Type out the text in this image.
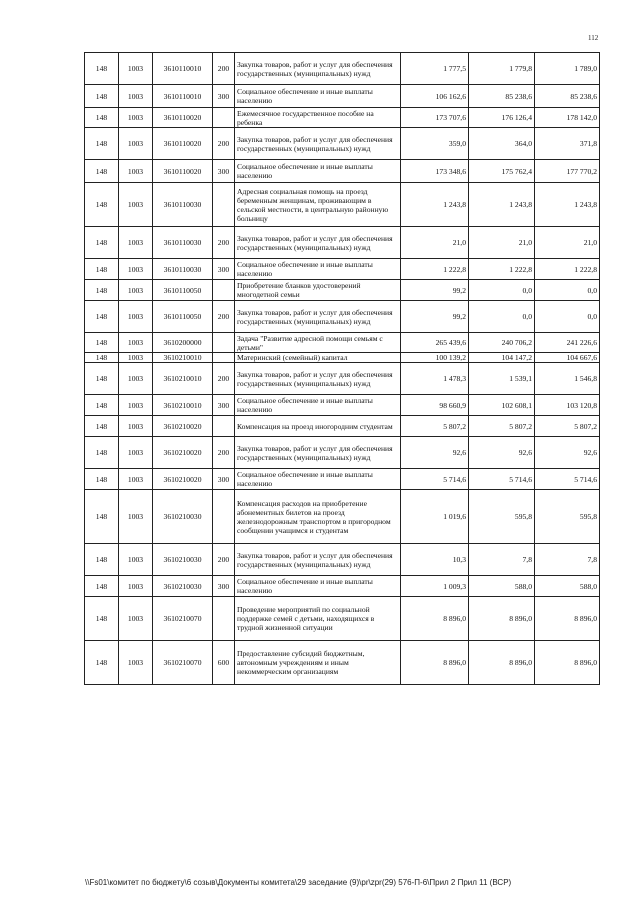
112
148	1003	3610110010	200	Закупка товаров, работ и услуг для обеспечения государственных (муниципальных) нужд	1 777,5	1 779,8	1 789,0
148	1003	3610110010	300	Социальное обеспечение и иные выплаты населению	106 162,6	85 238,6	85 238,6
148	1003	3610110020		Ежемесячное государственное пособие на ребенка	173 707,6	176 126,4	178 142,0
148	1003	3610110020	200	Закупка товаров, работ и услуг для обеспечения государственных (муниципальных) нужд	359,0	364,0	371,8
148	1003	3610110020	300	Социальное обеспечение и иные выплаты населению	173 348,6	175 762,4	177 770,2
148	1003	3610110030		Адресная социальная помощь на проезд беременным женщинам, проживающим в сельской местности, в центральную районную больницу	1 243,8	1 243,8	1 243,8
148	1003	3610110030	200	Закупка товаров, работ и услуг для обеспечения государственных (муниципальных) нужд	21,0	21,0	21,0
148	1003	3610110030	300	Социальное обеспечение и иные выплаты населению	1 222,8	1 222,8	1 222,8
148	1003	3610110050		Приобретение бланков удостоверений многодетной семьи	99,2	0,0	0,0
148	1003	3610110050	200	Закупка товаров, работ и услуг для обеспечения государственных (муниципальных) нужд	99,2	0,0	0,0
148	1003	3610200000		Задача "Развитие адресной помощи семьям с детьми"	265 439,6	240 706,2	241 226,6
148	1003	3610210010		Материнский (семейный) капитал	100 139,2	104 147,2	104 667,6
148	1003	3610210010	200	Закупка товаров, работ и услуг для обеспечения государственных (муниципальных) нужд	1 478,3	1 539,1	1 546,8
148	1003	3610210010	300	Социальное обеспечение и иные выплаты населению	98 660,9	102 608,1	103 120,8
148	1003	3610210020		Компенсация на проезд иногородним студентам	5 807,2	5 807,2	5 807,2
148	1003	3610210020	200	Закупка товаров, работ и услуг для обеспечения государственных (муниципальных) нужд	92,6	92,6	92,6
148	1003	3610210020	300	Социальное обеспечение и иные выплаты населению	5 714,6	5 714,6	5 714,6
148	1003	3610210030		Компенсация расходов на приобретение абонементных билетов на проезд железнодорожным транспортом в пригородном сообщении учащимся и студентам	1 019,6	595,8	595,8
148	1003	3610210030	200	Закупка товаров, работ и услуг для обеспечения государственных (муниципальных) нужд	10,3	7,8	7,8
148	1003	3610210030	300	Социальное обеспечение и иные выплаты населению	1 009,3	588,0	588,0
148	1003	3610210070		Проведение мероприятий по социальной поддержке семей с детьми, находящихся в трудной жизненной ситуации	8 896,0	8 896,0	8 896,0
148	1003	3610210070	600	Предоставление субсидий бюджетным, автономным учреждениям и иным некоммерческим организациям	8 896,0	8 896,0	8 896,0
\\Fs01\комитет по бюджету\6 созыв\Документы комитета\29 заседание (9)\pr\zpr(29) 576-П-6\Прил 2 Прил 11 (ВСР)
